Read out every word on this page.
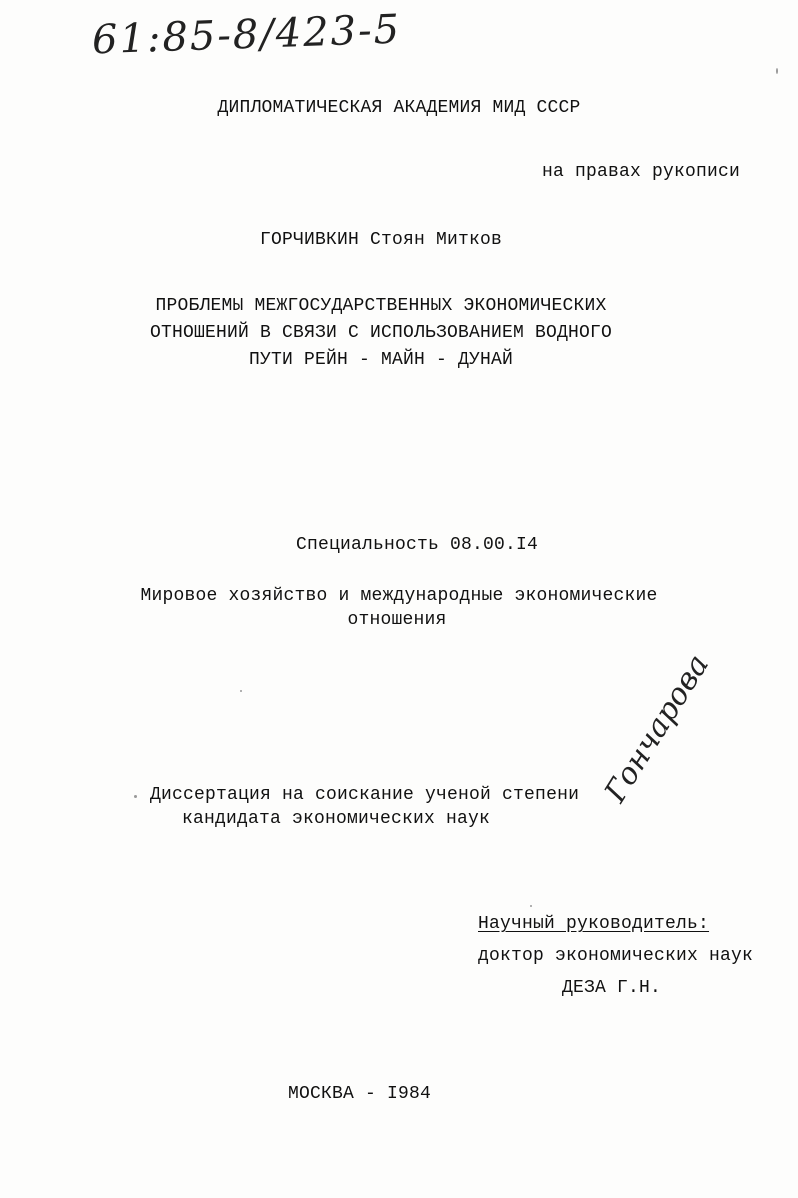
61:85-8/423-5
ДИПЛОМАТИЧЕСКАЯ АКАДЕМИЯ МИД СССР
на правах рукописи
ГОРЧИВКИН Стоян Митков
ПРОБЛЕМЫ МЕЖГОСУДАРСТВЕННЫХ ЭКОНОМИЧЕСКИХ
ОТНОШЕНИЙ В СВЯЗИ С ИСПОЛЬЗОВАНИЕМ ВОДНОГО
ПУТИ РЕЙН - МАЙН - ДУНАЙ
Специальность 08.00.I4
Мировое хозяйство и международные экономические
отношения
Гончарова
Диссертация на соискание ученой степени
кандидата экономических наук
Научный руководитель:
доктор экономических наук
ДЕЗА Г.Н.
МОСКВА - I984
